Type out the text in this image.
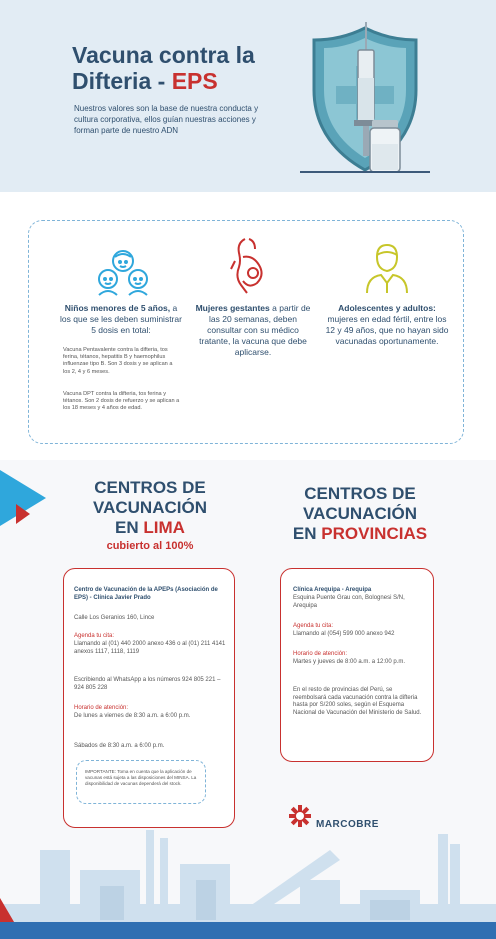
Vacuna contra la
Difteria - EPS
Nuestros valores son la base de nuestra conducta y cultura corporativa, ellos guían nuestras acciones y forman parte de nuestro ADN
Niños menores de 5 años, a los que se les deben suministrar 5 dosis en total:
Vacuna Pentavalente contra la difteria, tos ferina, tétanos, hepatitis B y haemophilus influenzae tipo B. Son 3 dosis y se aplican a los 2, 4 y 6 meses.
Vacuna DPT contra la difteria, tos ferina y tétanos. Son 2 dosis de refuerzo y se aplican a los 18 meses y 4 años de edad.
Mujeres gestantes a partir de las 20 semanas, deben consultar con su médico tratante, la vacuna que debe aplicarse.
Adolescentes y adultos: mujeres en edad fértil, entre los 12 y 49 años, que no hayan sido vacunadas oportunamente.
CENTROS DE
VACUNACIÓN
EN LIMA
cubierto al 100%
CENTROS DE
VACUNACIÓN
EN PROVINCIAS

Centro de Vacunación de la APEPs (Asociación de EPS) - Clínica Javier Prado

Calle Los Geranios 160, Lince

Agenda tu cita:

Llamando al (01) 440 2000 anexo 436 o al (01) 211 4141 anexos 1117, 1118, 1119

Escribiendo al WhatsApp a los números 924 805 221 – 924 805 228

Horario de atención:

De lunes a viernes de 8:30 a.m. a 6:00 p.m.

Sábados de 8:30 a.m. a 6:00 p.m.

IMPORTANTE: Toma en cuenta que la aplicación de vacunas está sujeta a las disposiciones del MINSA. La disponibilidad de vacunas dependerá del stock.

Clínica Arequipa - Arequipa

Esquina Puente Grau con, Bolognesi S/N, Arequipa

Agenda tu cita:

Llamando al (054) 599 000 anexo 942

Horario de atención:

Martes y jueves de 8:00 a.m. a 12:00 p.m.

En el resto de provincias del Perú, se reembolsará cada vacunación contra la difteria hasta por S/200 soles, según el Esquema Nacional de Vacunación del Ministerio de Salud.

MARCOBRE
